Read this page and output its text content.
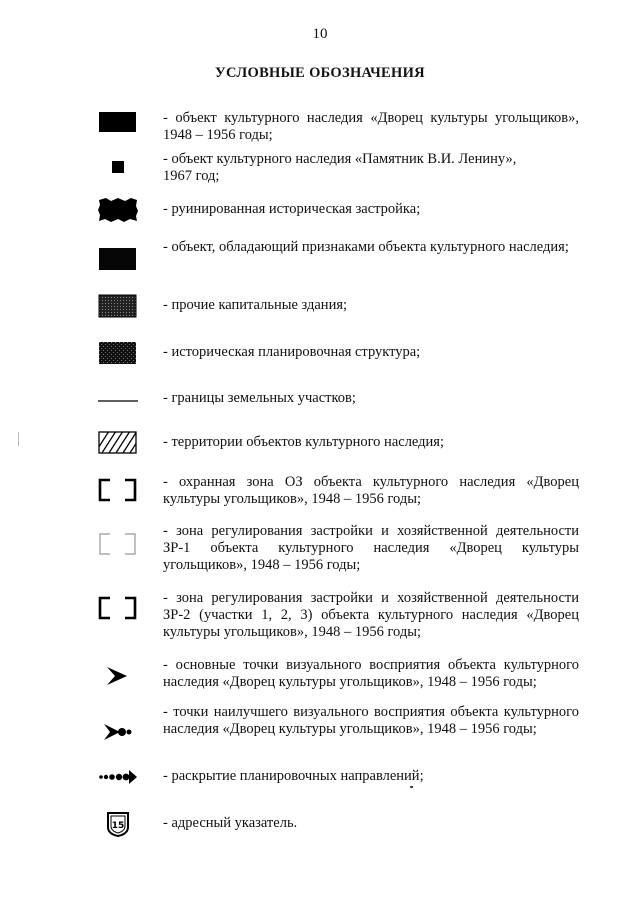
10
УСЛОВНЫЕ ОБОЗНАЧЕНИЯ

- объект культурного наследия «Дворец культуры угольщиков», 1948 – 1956 годы;

- объект культурного наследия «Памятник В.И. Ленину», 1967 год;

- руинированная историческая застройка;

- объект, обладающий признаками объекта культурного наследия;

- прочие капитальные здания;

- историческая планировочная структура;

- границы земельных участков;

- территории объектов культурного наследия;

- охранная зона ОЗ объекта культурного наследия «Дворец культуры угольщиков», 1948 – 1956 годы;

- зона регулирования застройки и хозяйственной деятельности ЗР-1 объекта культурного наследия «Дворец культуры угольщиков», 1948 – 1956 годы;

- зона регулирования застройки и хозяйственной деятельности ЗР-2 (участки 1, 2, 3) объекта культурного наследия «Дворец культуры угольщиков», 1948 – 1956 годы;

- основные точки визуального восприятия объекта культурного наследия «Дворец культуры угольщиков», 1948 – 1956 годы;

- точки наилучшего визуального восприятия объекта культурного наследия «Дворец культуры угольщиков», 1948 – 1956 годы;

- раскрытие планировочных направлений;

15	- адресный указатель.
